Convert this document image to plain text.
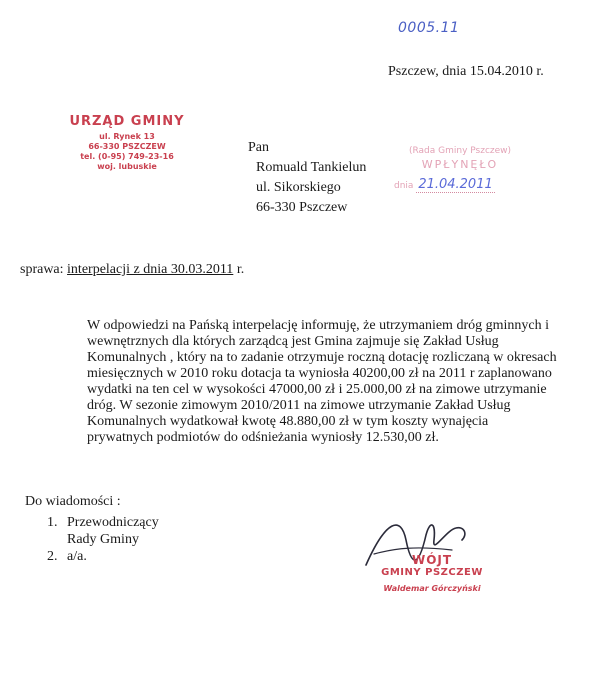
0005.11
Pszczew, dnia 15.04.2010 r.
URZĄD GMINY
ul. Rynek 13
66-330 PSZCZEW
tel. (0-95) 749-23-16
woj. lubuskie
Pan
Romuald Tankielun
ul. Sikorskiego
66-330 Pszczew
(Rada Gminy Pszczew)
WPŁYNĘŁO
dnia 21.04.2011
sprawa: interpelacji z dnia 30.03.2011 r.

W odpowiedzi na Pańską interpelację informuję, że utrzymaniem dróg gminnych i wewnętrznych dla których zarządcą jest Gmina zajmuje się Zakład Usług Komunalnych , który na to zadanie otrzymuje roczną dotację rozliczaną w okresach miesięcznych w 2010 roku dotacja ta wyniosła 40200,00 zł na 2011 r zaplanowano wydatki na ten cel w wysokości 47000,00 zł i 25.000,00 zł na zimowe utrzymanie dróg. W sezonie zimowym 2010/2011 na zimowe utrzymanie Zakład Usług Komunalnych wydatkował kwotę 48.880,00 zł w tym koszty wynajęcia prywatnych podmiotów do odśnieżania wyniosły 12.530,00 zł.

Do wiadomości :
1. Przewodniczący Rady Gminy
2. a/a.	WÓJT
GMINY PSZCZEW
Waldemar Górczyński
